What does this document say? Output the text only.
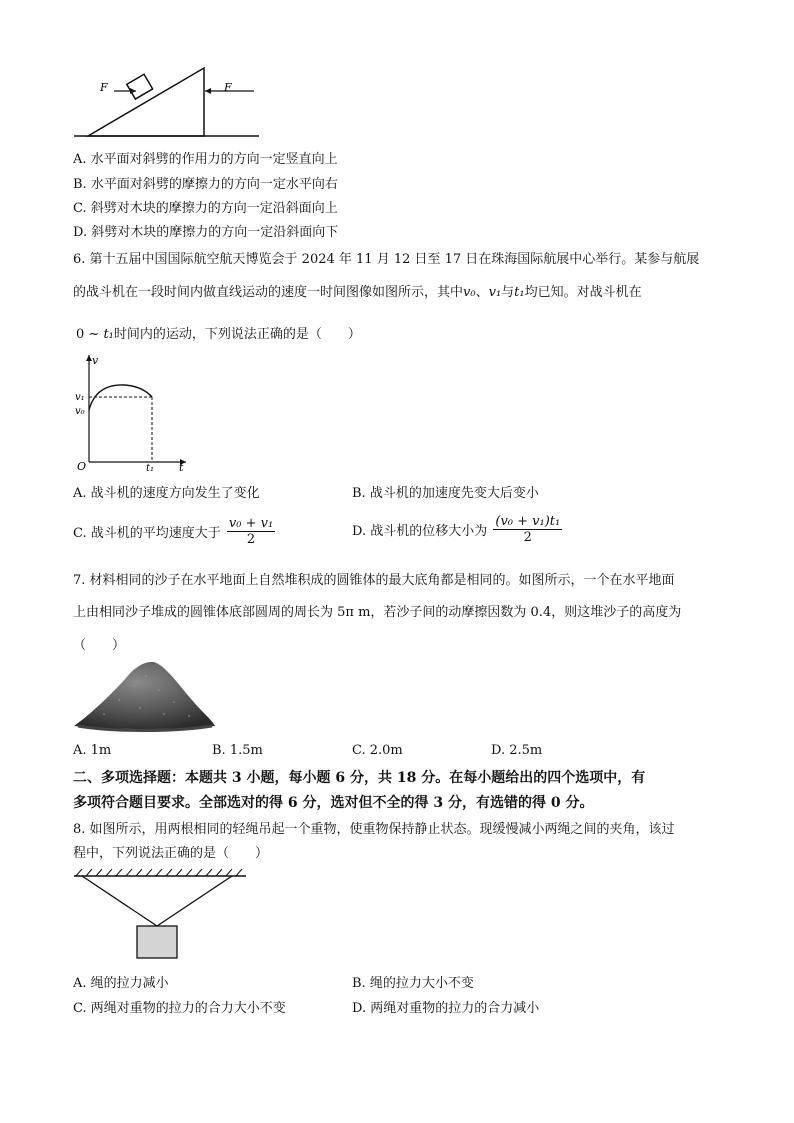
F	F
A. 水平面对斜劈的作用力的方向一定竖直向上
B. 水平面对斜劈的摩擦力的方向一定水平向右
C. 斜劈对木块的摩擦力的方向一定沿斜面向上
D. 斜劈对木块的摩擦力的方向一定沿斜面向下
6. 第十五届中国国际航空航天博览会于 2024 年 11 月 12 日至 17 日在珠海国际航展中心举行。某参与航展
的战斗机在一段时间内做直线运动的速度一时间图像如图所示，其中v₀、v₁与t₁均已知。对战斗机在
0 ~ t₁时间内的运动，下列说法正确的是（　　）
v
v₁
v₀
O	t₁ t
A. 战斗机的速度方向发生了变化	B. 战斗机的加速度先变大后变小
C. 战斗机的平均速度大于 $\frac{\text{v₀ + v₁}}{2}$	D. 战斗机的位移大小为 $\frac{\text{(v₀ + v₁)t₁}}{2}$
7. 材料相同的沙子在水平地面上自然堆积成的圆锥体的最大底角都是相同的。如图所示，一个在水平地面
上由相同沙子堆成的圆锥体底部圆周的周长为 5π m，若沙子间的动摩擦因数为 0.4，则这堆沙子的高度为
（　　）
A. 1m	B. 1.5m	C. 2.0m	D. 2.5m
二、多项选择题：本题共 3 小题，每小题 6 分，共 18 分。在每小题给出的四个选项中，有
多项符合题目要求。全部选对的得 6 分，选对但不全的得 3 分，有选错的得 0 分。
8. 如图所示，用两根相同的轻绳吊起一个重物，使重物保持静止状态。现缓慢减小两绳之间的夹角，该过
程中，下列说法正确的是（　　）
A. 绳的拉力减小	B. 绳的拉力大小不变
C. 两绳对重物的拉力的合力大小不变	D. 两绳对重物的拉力的合力减小
